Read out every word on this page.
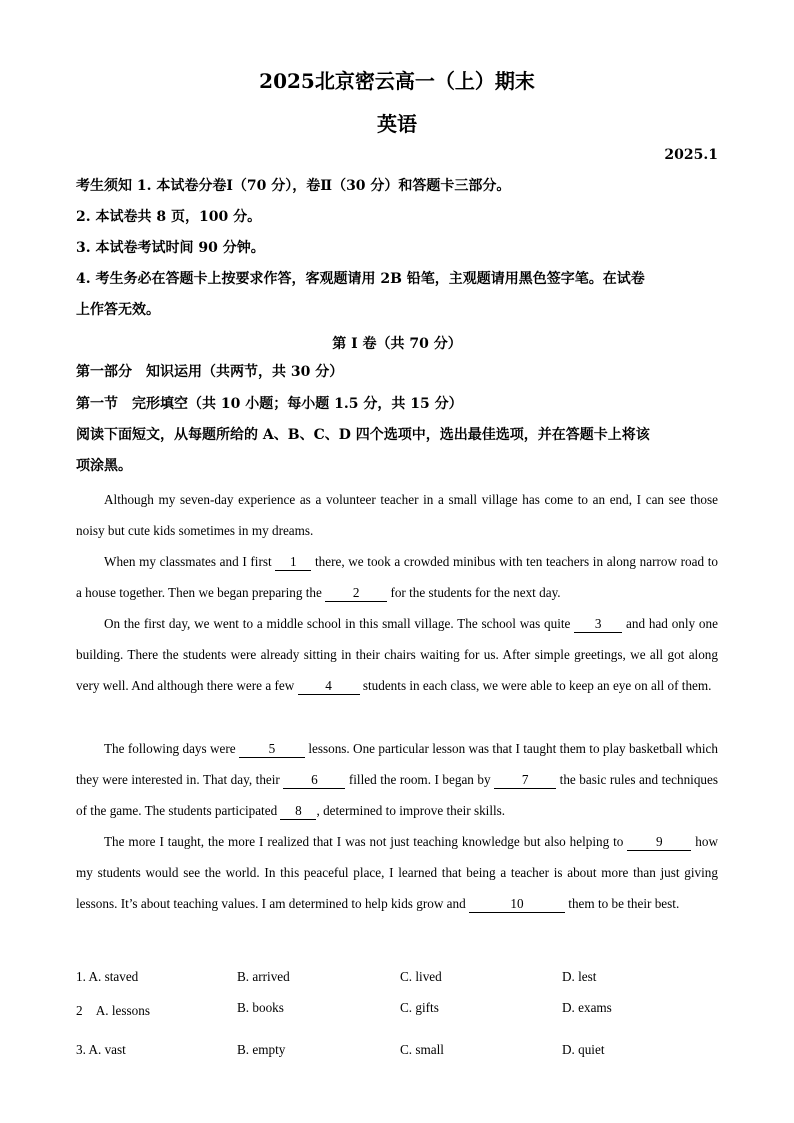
2025北京密云高一（上）期末
英语
2025.1
考生须知 1. 本试卷分卷Ⅰ（70 分），卷Ⅱ（30 分）和答题卡三部分。
2. 本试卷共 8 页，100 分。
3. 本试卷考试时间 90 分钟。
4. 考生务必在答题卡上按要求作答，客观题请用 2B 铅笔，主观题请用黑色签字笔。在试卷
上作答无效。
第 I 卷（共 70 分）
第一部分　知识运用（共两节，共 30 分）
第一节　完形填空（共 10 小题；每小题 1.5 分，共 15 分）
阅读下面短文，从每题所给的 A、B、C、D 四个选项中，选出最佳选项，并在答题卡上将该
项涂黑。
Although my seven-day experience as a volunteer teacher in a small village has come to an end, I can see those noisy but cute kids sometimes in my dreams.
When my classmates and I first 1 there, we took a crowded minibus with ten teachers in along narrow road to a house together. Then we began preparing the 2 for the students for the next day.
On the first day, we went to a middle school in this small village. The school was quite 3 and had only one building. There the students were already sitting in their chairs waiting for us. After simple greetings, we all got along very well. And although there were a few 4 students in each class, we were able to keep an eye on all of them.
The following days were 5 lessons. One particular lesson was that I taught them to play basketball which they were interested in. That day, their 6 filled the room. I began by 7 the basic rules and techniques of the game. The students participated 8 , determined to improve their skills.
The more I taught, the more I realized that I was not just teaching knowledge but also helping to 9 how my students would see the world. In this peaceful place, I learned that being a teacher is about more than just giving lessons. It’s about teaching values. I am determined to help kids grow and	10	them to be their best.
1. A. staved	B. arrived	C. lived	D. lest
2　A. lessons	B. books	C. gifts	D. exams
3. A. vast	B. empty	C. small	D. quiet
